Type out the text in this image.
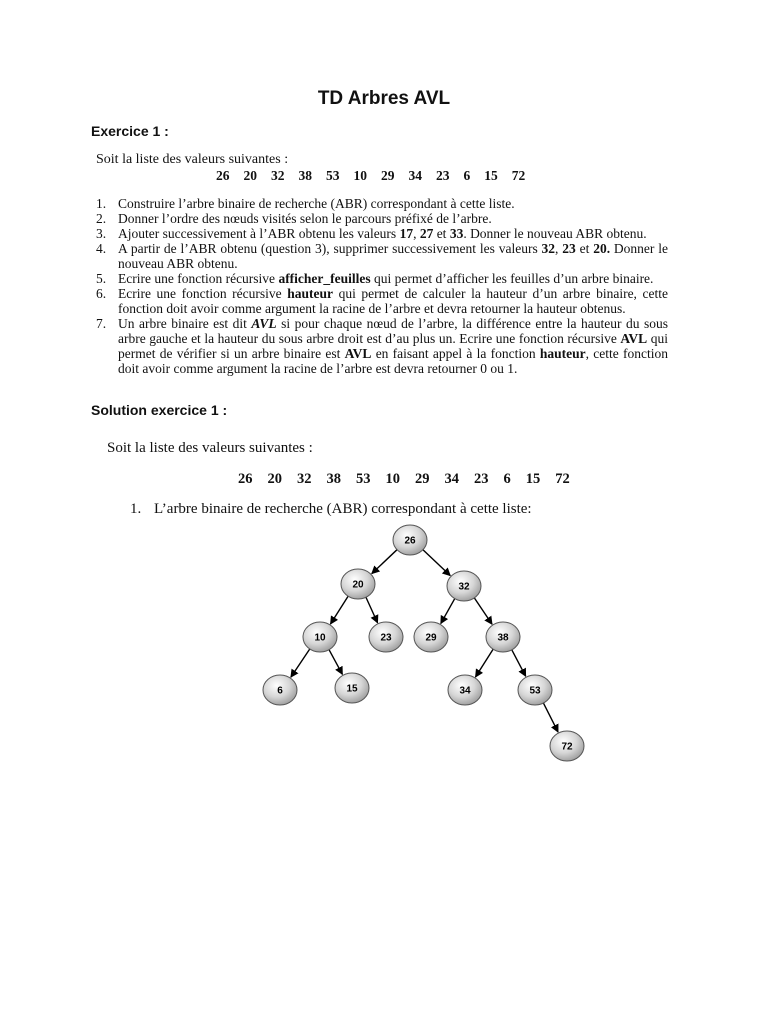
TD Arbres AVL
Exercice 1 :
Soit la liste des valeurs suivantes :
26 20 32 38 53 10 29 34 23 6 15 72
1. Construire l’arbre binaire de recherche (ABR) correspondant à cette liste.
2. Donner l’ordre des nœuds visités selon le parcours préfixé de l’arbre.
3. Ajouter successivement à l’ABR obtenu les valeurs 17, 27 et 33. Donner le nouveau ABR obtenu.
4. A partir de l’ABR obtenu (question 3), supprimer successivement les valeurs 32, 23 et 20. Donner le nouveau ABR obtenu.
5. Ecrire une fonction récursive afficher_feuilles qui permet d’afficher les feuilles d’un arbre binaire.
6. Ecrire une fonction récursive hauteur qui permet de calculer la hauteur d’un arbre binaire, cette fonction doit avoir comme argument la racine de l’arbre et devra retourner la hauteur obtenus.
7. Un arbre binaire est dit AVL si pour chaque nœud de l’arbre, la différence entre la hauteur du sous arbre gauche et la hauteur du sous arbre droit est d’au plus un. Ecrire une fonction récursive AVL qui permet de vérifier si un arbre binaire est AVL en faisant appel à la fonction hauteur, cette fonction doit avoir comme argument la racine de l’arbre est devra retourner 0 ou 1.
Solution exercice 1 :
Soit la liste des valeurs suivantes :
26 20 32 38 53 10 29 34 23 6 15 72
1. L’arbre binaire de recherche (ABR) correspondant à cette liste:
26
20	32
10	23	29	38
6	15	34	53
72
